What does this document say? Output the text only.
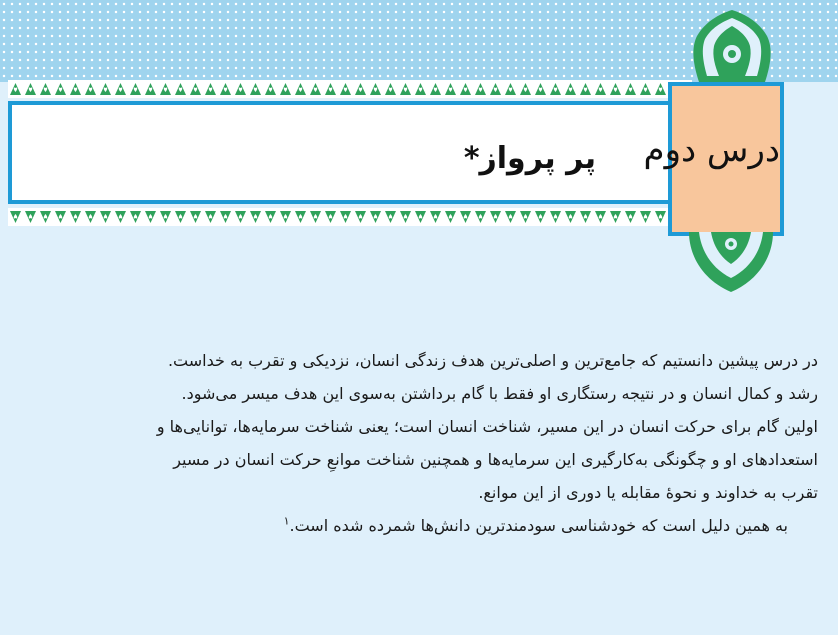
پر پرواز* درس دوم
در درس پیشین دانستیم که جامع‌ترین و اصلی‌ترین هدف زندگی انسان، نزدیکی و تقرب به خداست.
رشد و کمال انسان و در نتیجه رستگاری او فقط با گام برداشتن به‌سوی این هدف میسر می‌شود.
اولین گام برای حرکت انسان در این مسیر، شناخت انسان است؛ یعنی شناخت سرمایه‌ها، توانایی‌ها و
استعدادهای او و چگونگی به‌کارگیری این سرمایه‌ها و همچنین شناخت موانعِ حرکت انسان در مسیر
تقرب به خداوند و نحوهٔ مقابله یا دوری از این موانع.
به همین دلیل است که خودشناسی سودمندترین دانش‌ها شمرده شده است.$^۱$
